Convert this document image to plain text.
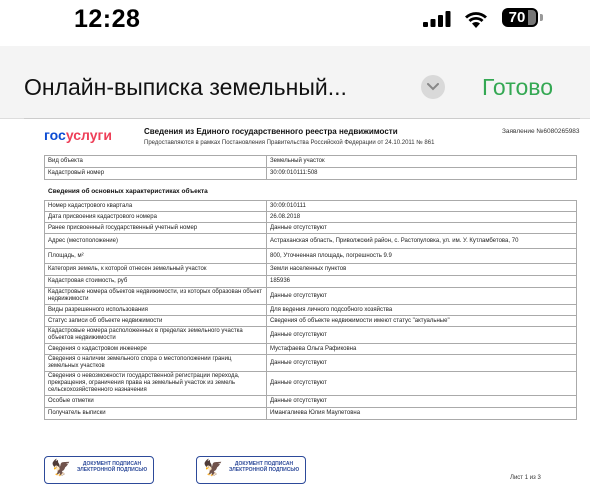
12:28	70
Онлайн-выписка земельный...	Готово
госуслуги	Сведения из Единого государственного реестра недвижимости
Предоставляются в рамках Постановления Правительства Российской Федерации от 24.10.2011 № 861
Заявление №6080265983
Вид объекта	Земельный участок
Кадастровый номер	30:09:010111:508
Сведения об основных характеристиках объекта
Номер кадастрового квартала	30:09:010111
Дата присвоения кадастрового номера	26.08.2018
Ранее присвоенный государственный учетный номер	Данные отсутствуют
Адрес (местоположение)	Астраханская область, Приволжский район, с. Растопуловка, ул. им. У. Кутламбетова, 70
Площадь, м²	800, Уточненная площадь, погрешность 9.9
Категория земель, к которой отнесен земельный участок	Земли населенных пунктов
Кадастровая стоимость, руб	185936
Кадастровые номера объектов недвижимости, из которых образован объект недвижимости	Данные отсутствуют
Виды разрешенного использования	Для ведения личного подсобного хозяйства
Статус записи об объекте недвижимости	Сведения об объекте недвижимости имеют статус "актуальные"
Кадастровые номера расположенных в пределах земельного участка объектов недвижимости	Данные отсутствуют
Сведения о кадастровом инженере	Мустафаева Ольга Рафиковна
Сведения о наличии земельного спора о местоположении границ земельных участков	Данные отсутствуют
Сведения о невозможности государственной регистрации перехода, прекращения, ограничения права на земельный участок из земель сельскохозяйственного назначения	Данные отсутствуют
Особые отметки	Данные отсутствуют
Получатель выписки	Имангалиева Юлия Маулетовна
🦅	ДОКУМЕНТ ПОДПИСАН ЭЛЕКТРОННОЙ ПОДПИСЬЮ	🦅	ДОКУМЕНТ ПОДПИСАН ЭЛЕКТРОННОЙ ПОДПИСЬЮ
Лист 1 из 3
